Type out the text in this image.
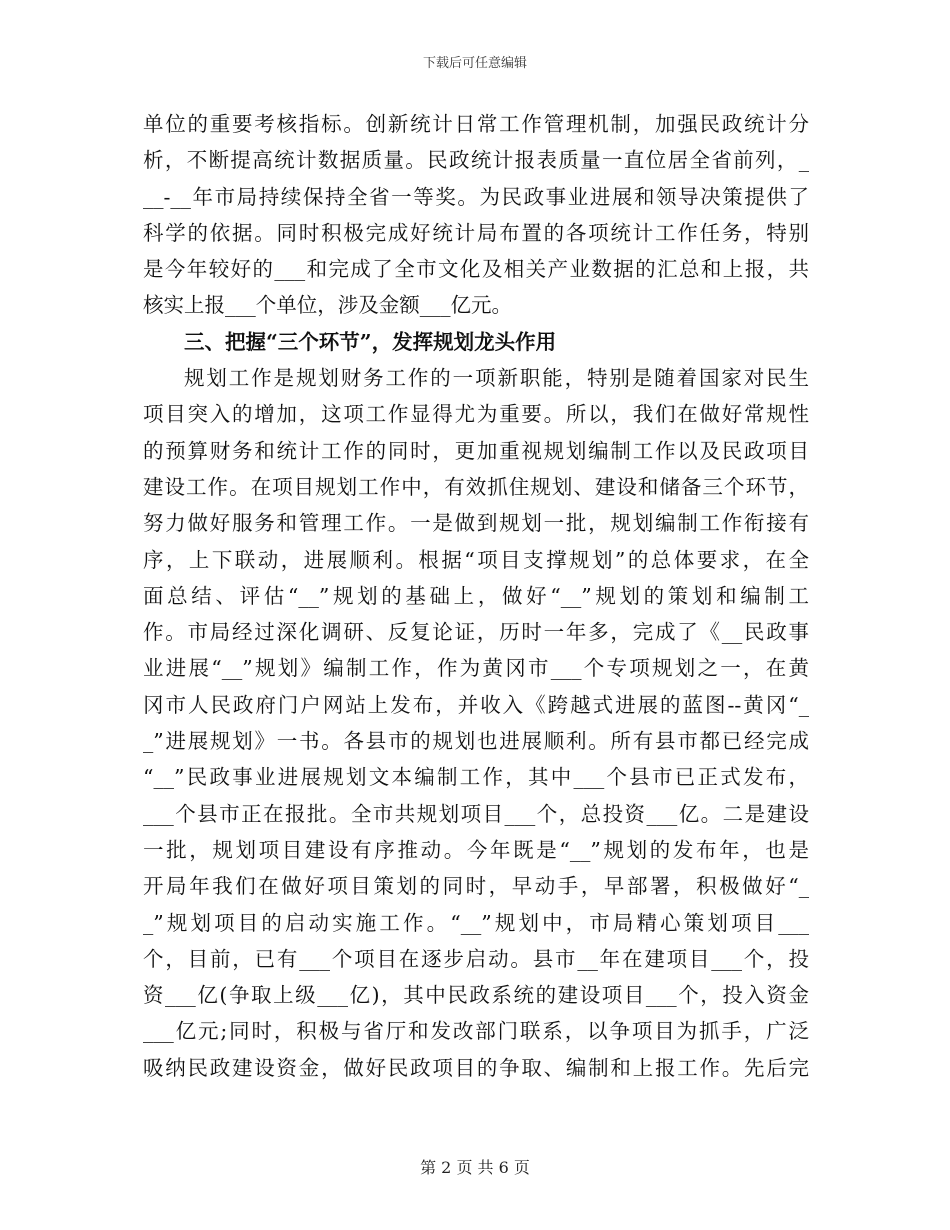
下载后可任意编辑
单位的重要考核指标。创新统计日常工作管理机制，加强民政统计分
析，不断提高统计数据质量。民政统计报表质量一直位居全省前列，_
__-__年市局持续保持全省一等奖。为民政事业进展和领导决策提供了
科学的依据。同时积极完成好统计局布置的各项统计工作任务，特别
是今年较好的___和完成了全市文化及相关产业数据的汇总和上报，共
核实上报___个单位，涉及金额___亿元。
三、把握“三个环节”，发挥规划龙头作用
规划工作是规划财务工作的一项新职能，特别是随着国家对民生
项目突入的增加，这项工作显得尤为重要。所以，我们在做好常规性
的预算财务和统计工作的同时，更加重视规划编制工作以及民政项目
建设工作。在项目规划工作中，有效抓住规划、建设和储备三个环节，
努力做好服务和管理工作。一是做到规划一批，规划编制工作衔接有
序，上下联动，进展顺利。根据“项目支撑规划”的总体要求，在全
面总结、评估“__”规划的基础上，做好“__”规划的策划和编制工
作。市局经过深化调研、反复论证，历时一年多，完成了《__民政事
业进展“__”规划》编制工作，作为黄冈市___个专项规划之一，在黄
冈市人民政府门户网站上发布，并收入《跨越式进展的蓝图--黄冈“_
_”进展规划》一书。各县市的规划也进展顺利。所有县市都已经完成
“__”民政事业进展规划文本编制工作，其中___个县市已正式发布，
___个县市正在报批。全市共规划项目___个，总投资___亿。二是建设
一批，规划项目建设有序推动。今年既是“__”规划的发布年，也是
开局年我们在做好项目策划的同时，早动手，早部署，积极做好“_
_”规划项目的启动实施工作。“__”规划中，市局精心策划项目___
个，目前，已有___个项目在逐步启动。县市__年在建项目___个，投
资___亿(争取上级___亿)，其中民政系统的建设项目___个，投入资金
___亿元;同时，积极与省厅和发改部门联系，以争项目为抓手，广泛
吸纳民政建设资金，做好民政项目的争取、编制和上报工作。先后完
第 2 页 共 6 页
